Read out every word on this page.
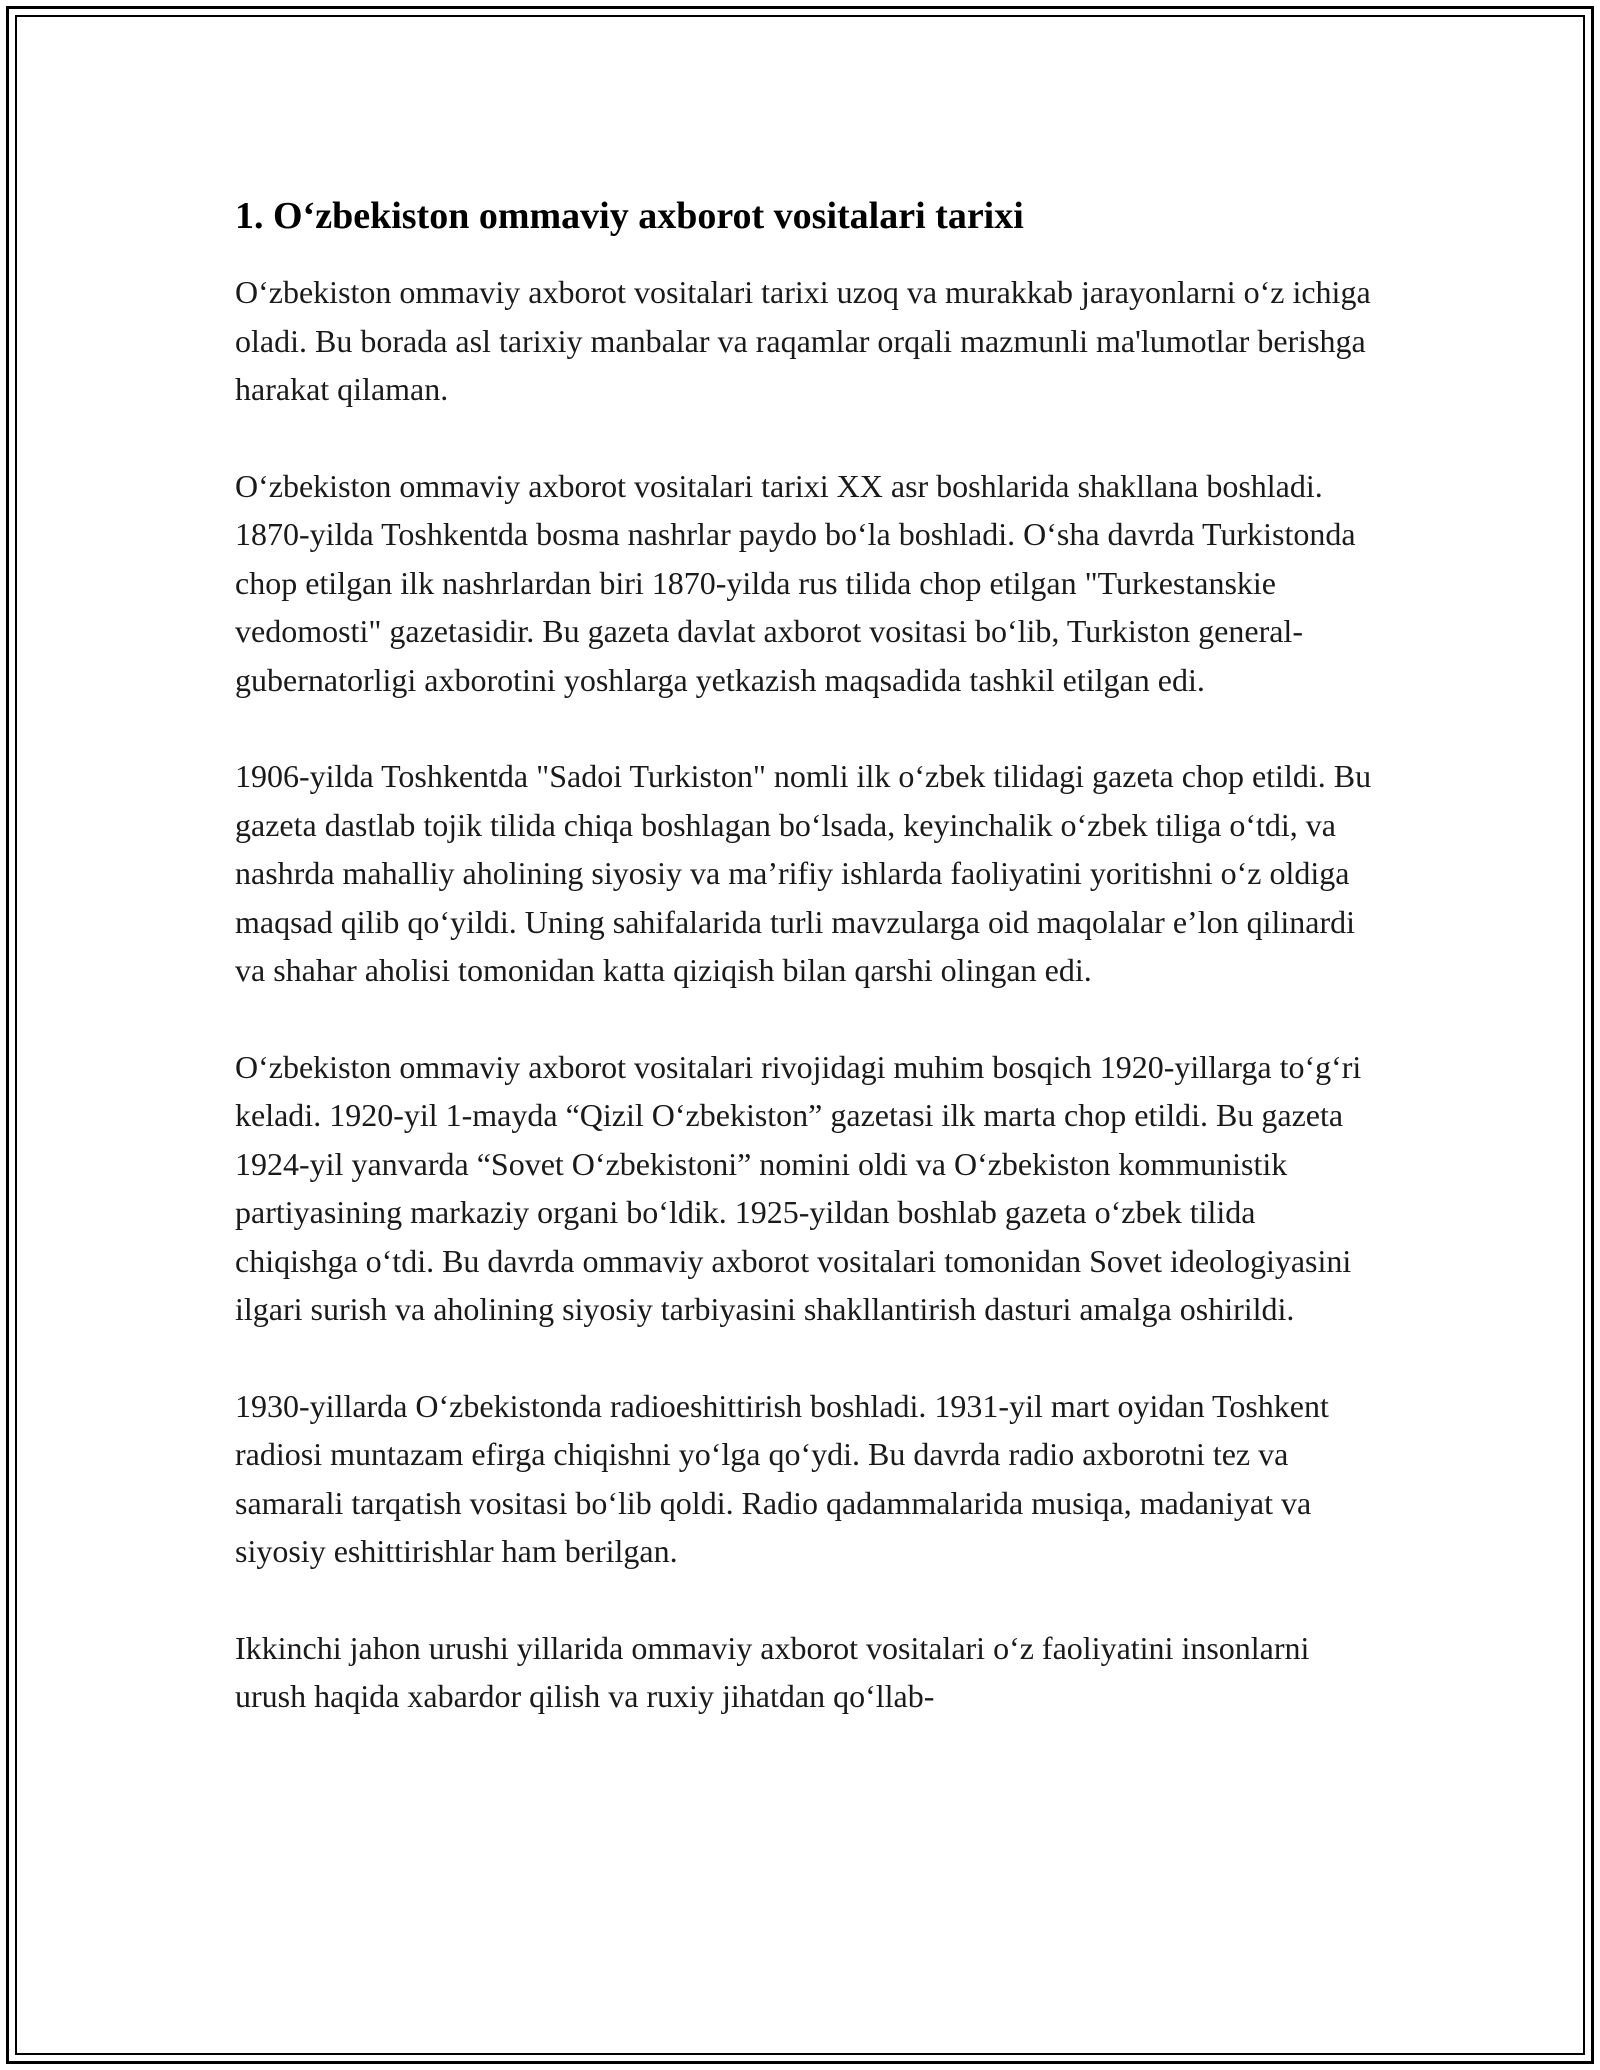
1. O‘zbekiston ommaviy axborot vositalari tarixi

O‘zbekiston ommaviy axborot vositalari tarixi uzoq va murakkab jarayonlarni o‘z ichiga oladi. Bu borada asl tarixiy manbalar va raqamlar orqali mazmunli ma'lumotlar berishga harakat qilaman.

O‘zbekiston ommaviy axborot vositalari tarixi XX asr boshlarida shakllana boshladi. 1870-yilda Toshkentda bosma nashrlar paydo bo‘la boshladi. O‘sha davrda Turkistonda chop etilgan ilk nashrlardan biri 1870-yilda rus tilida chop etilgan "Turkestanskie vedomosti" gazetasidir. Bu gazeta davlat axborot vositasi bo‘lib, Turkiston general-gubernatorligi axborotini yoshlarga yetkazish maqsadida tashkil etilgan edi.

1906-yilda Toshkentda "Sadoi Turkiston" nomli ilk o‘zbek tilidagi gazeta chop etildi. Bu gazeta dastlab tojik tilida chiqa boshlagan bo‘lsada, keyinchalik o‘zbek tiliga o‘tdi, va nashrda mahalliy aholining siyosiy va ma’rifiy ishlarda faoliyatini yoritishni o‘z oldiga maqsad qilib qo‘yildi. Uning sahifalarida turli mavzularga oid maqolalar e’lon qilinardi va shahar aholisi tomonidan katta qiziqish bilan qarshi olingan edi.

O‘zbekiston ommaviy axborot vositalari rivojidagi muhim bosqich 1920-yillarga to‘g‘ri keladi. 1920-yil 1-mayda “Qizil O‘zbekiston” gazetasi ilk marta chop etildi. Bu gazeta 1924-yil yanvarda “Sovet O‘zbekistoni” nomini oldi va O‘zbekiston kommunistik partiyasining markaziy organi bo‘ldik. 1925-yildan boshlab gazeta o‘zbek tilida chiqishga o‘tdi. Bu davrda ommaviy axborot vositalari tomonidan Sovet ideologiyasini ilgari surish va aholining siyosiy tarbiyasini shakllantirish dasturi amalga oshirildi.

1930-yillarda O‘zbekistonda radioeshittirish boshladi. 1931-yil mart oyidan Toshkent radiosi muntazam efirga chiqishni yo‘lga qo‘ydi. Bu davrda radio axborotni tez va samarali tarqatish vositasi bo‘lib qoldi. Radio qadammalarida musiqa, madaniyat va siyosiy eshittirishlar ham berilgan.

Ikkinchi jahon urushi yillarida ommaviy axborot vositalari o‘z faoliyatini insonlarni urush haqida xabardor qilish va ruxiy jihatdan qo‘llab-
